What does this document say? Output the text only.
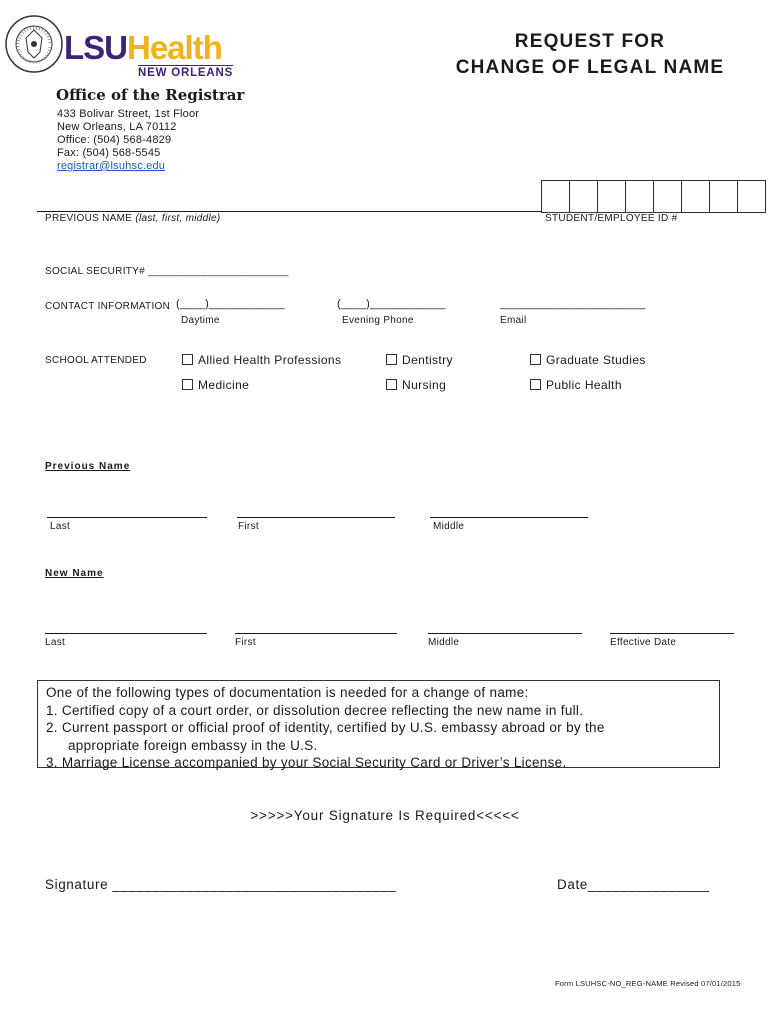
LSUHealth
NEW ORLEANS
Office of the Registrar
433 Bolivar Street, 1st Floor
New Orleans, LA 70112
Office: (504) 568-4829
Fax: (504) 568-5545
registrar@lsuhsc.edu
REQUEST FOR
CHANGE OF LEGAL NAME
PREVIOUS NAME (last, first, middle)	STUDENT/EMPLOYEE ID #
SOCIAL SECURITY# ________________________
CONTACT INFORMATION (____)____________	(____)____________	_______________________
Daytime	Evening Phone	Email
SCHOOL ATTENDED	Allied Health Professions	Dentistry	Graduate Studies
Medicine	Nursing	Public Health
Previous Name
Last	First	Middle
New Name
Last	First	Middle	Effective Date
One of the following types of documentation is needed for a change of name:
1. Certified copy of a court order, or dissolution decree reflecting the new name in full.
2. Current passport or official proof of identity, certified by U.S. embassy abroad or by the
appropriate foreign embassy in the U.S.
3. Marriage License accompanied by your Social Security Card or Driver’s License.
>>>>>Your Signature Is Required<<<<<
Signature ___________________________________	Date_______________
Form LSUHSC-NO_REG-NAME Revised 07/01/2015
